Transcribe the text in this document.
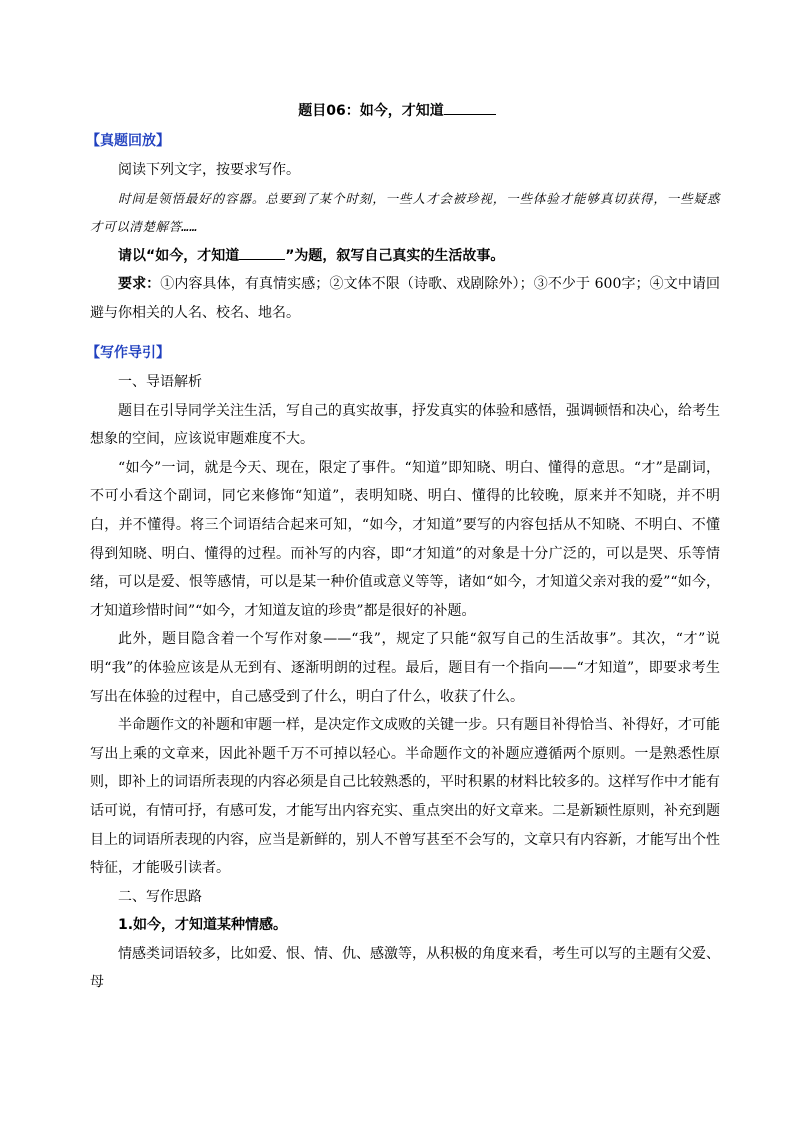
题目06：如今，才知道
【真题回放】

阅读下列文字，按要求写作。

时间是领悟最好的容器。总要到了某个时刻，一些人才会被珍视，一些体验才能够真切获得，一些疑惑才可以清楚解答……

请以“如今，才知道	”为题，叙写自己真实的生活故事。

要求：①内容具体，有真情实感；②文体不限（诗歌、戏剧除外）；③不少于 600字；④文中请回避与你相关的人名、校名、地名。

【写作导引】

一、导语解析

题目在引导同学关注生活，写自己的真实故事，抒发真实的体验和感悟，强调顿悟和决心，给考生想象的空间，应该说审题难度不大。

“如今”一词，就是今天、现在，限定了事件。“知道”即知晓、明白、懂得的意思。“才”是副词，不可小看这个副词，同它来修饰“知道”，表明知晓、明白、懂得的比较晚，原来并不知晓，并不明白，并不懂得。将三个词语结合起来可知，“如今，才知道”要写的内容包括从不知晓、不明白、不懂得到知晓、明白、懂得的过程。而补写的内容，即“才知道”的对象是十分广泛的，可以是哭、乐等情绪，可以是爱、恨等感情，可以是某一种价值或意义等等，诸如“如今，才知道父亲对我的爱”“如今，才知道珍惜时间”“如今，才知道友谊的珍贵”都是很好的补题。

此外，题目隐含着一个写作对象——“我”，规定了只能“叙写自己的生活故事”。其次，“才”说明“我”的体验应该是从无到有、逐渐明朗的过程。最后，题目有一个指向——“才知道”，即要求考生写出在体验的过程中，自己感受到了什么，明白了什么，收获了什么。

半命题作文的补题和审题一样，是决定作文成败的关键一步。只有题目补得恰当、补得好，才可能写出上乘的文章来，因此补题千万不可掉以轻心。半命题作文的补题应遵循两个原则。一是熟悉性原则，即补上的词语所表现的内容必须是自己比较熟悉的，平时积累的材料比较多的。这样写作中才能有话可说，有情可抒，有感可发，才能写出内容充实、重点突出的好文章来。二是新颖性原则，补充到题目上的词语所表现的内容，应当是新鲜的，别人不曾写甚至不会写的，文章只有内容新，才能写出个性特征，才能吸引读者。

二、写作思路

1.如今，才知道某种情感。

情感类词语较多，比如爱、恨、情、仇、感激等，从积极的角度来看，考生可以写的主题有父爱、母
